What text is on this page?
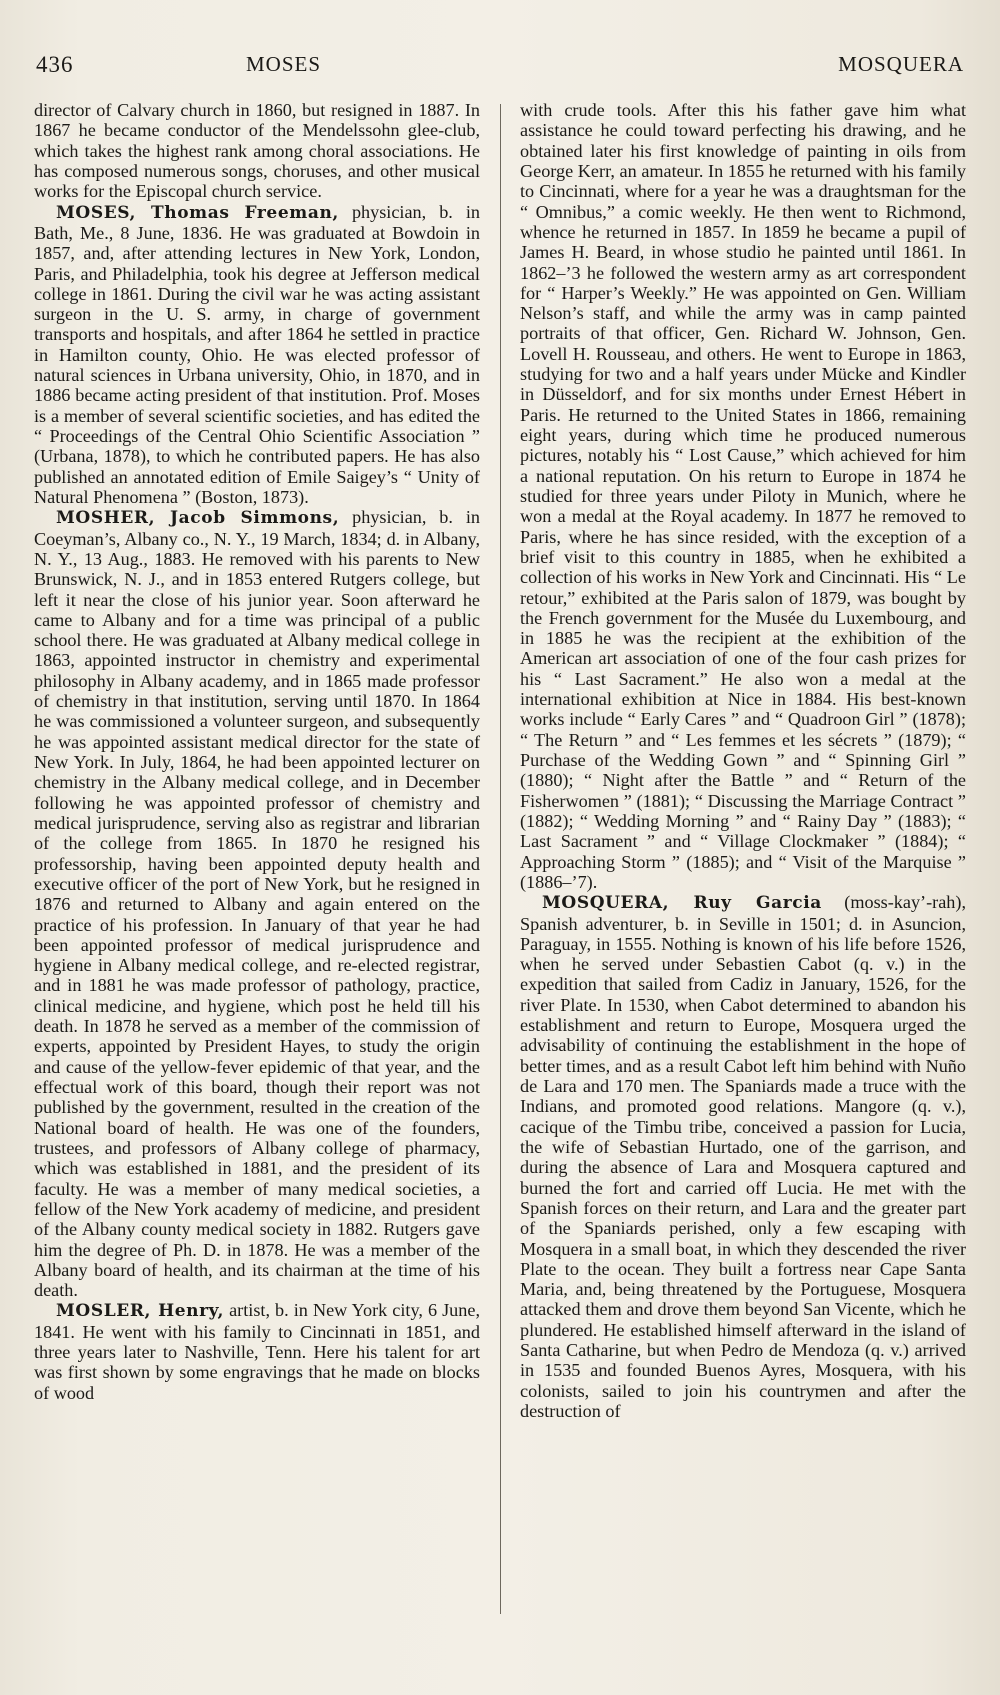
436	MOSES	MOSQUERA

director of Calvary church in 1860, but resigned in 1887. In 1867 he became conductor of the Mendelssohn glee-club, which takes the highest rank among choral associations. He has composed numerous songs, choruses, and other musical works for the Episcopal church service.

MOSES, Thomas Freeman, physician, b. in Bath, Me., 8 June, 1836. He was graduated at Bowdoin in 1857, and, after attending lectures in New York, London, Paris, and Philadelphia, took his degree at Jefferson medical college in 1861. During the civil war he was acting assistant surgeon in the U. S. army, in charge of government transports and hospitals, and after 1864 he settled in practice in Hamilton county, Ohio. He was elected professor of natural sciences in Urbana university, Ohio, in 1870, and in 1886 became acting president of that institution. Prof. Moses is a member of several scientific societies, and has edited the “ Proceedings of the Central Ohio Scientific Association ” (Urbana, 1878), to which he contributed papers. He has also published an annotated edition of Emile Saigey’s “ Unity of Natural Phenomena ” (Boston, 1873).

MOSHER, Jacob Simmons, physician, b. in Coeyman’s, Albany co., N. Y., 19 March, 1834; d. in Albany, N. Y., 13 Aug., 1883. He removed with his parents to New Brunswick, N. J., and in 1853 entered Rutgers college, but left it near the close of his junior year. Soon afterward he came to Albany and for a time was principal of a public school there. He was graduated at Albany medical college in 1863, appointed instructor in chemistry and experimental philosophy in Albany academy, and in 1865 made professor of chemistry in that institution, serving until 1870. In 1864 he was commissioned a volunteer surgeon, and subsequently he was appointed assistant medical director for the state of New York. In July, 1864, he had been appointed lecturer on chemistry in the Albany medical college, and in December following he was appointed professor of chemistry and medical jurisprudence, serving also as registrar and librarian of the college from 1865. In 1870 he resigned his professorship, having been appointed deputy health and executive officer of the port of New York, but he resigned in 1876 and returned to Albany and again entered on the practice of his profession. In January of that year he had been appointed professor of medical jurisprudence and hygiene in Albany medical college, and re-elected registrar, and in 1881 he was made professor of pathology, practice, clinical medicine, and hygiene, which post he held till his death. In 1878 he served as a member of the commission of experts, appointed by President Hayes, to study the origin and cause of the yellow-fever epidemic of that year, and the effectual work of this board, though their report was not published by the government, resulted in the creation of the National board of health. He was one of the founders, trustees, and professors of Albany college of pharmacy, which was established in 1881, and the president of its faculty. He was a member of many medical societies, a fellow of the New York academy of medicine, and president of the Albany county medical society in 1882. Rutgers gave him the degree of Ph. D. in 1878. He was a member of the Albany board of health, and its chairman at the time of his death.

MOSLER, Henry, artist, b. in New York city, 6 June, 1841. He went with his family to Cincinnati in 1851, and three years later to Nashville, Tenn. Here his talent for art was first shown by some engravings that he made on blocks of wood

with crude tools. After this his father gave him what assistance he could toward perfecting his drawing, and he obtained later his first knowledge of painting in oils from George Kerr, an amateur. In 1855 he returned with his family to Cincinnati, where for a year he was a draughtsman for the “ Omnibus,” a comic weekly. He then went to Richmond, whence he returned in 1857. In 1859 he became a pupil of James H. Beard, in whose studio he painted until 1861. In 1862–’3 he followed the western army as art correspondent for “ Harper’s Weekly.” He was appointed on Gen. William Nelson’s staff, and while the army was in camp painted portraits of that officer, Gen. Richard W. Johnson, Gen. Lovell H. Rousseau, and others. He went to Europe in 1863, studying for two and a half years under Mücke and Kindler in Düsseldorf, and for six months under Ernest Hébert in Paris. He returned to the United States in 1866, remaining eight years, during which time he produced numerous pictures, notably his “ Lost Cause,” which achieved for him a national reputation. On his return to Europe in 1874 he studied for three years under Piloty in Munich, where he won a medal at the Royal academy. In 1877 he removed to Paris, where he has since resided, with the exception of a brief visit to this country in 1885, when he exhibited a collection of his works in New York and Cincinnati. His “ Le retour,” exhibited at the Paris salon of 1879, was bought by the French government for the Musée du Luxembourg, and in 1885 he was the recipient at the exhibition of the American art association of one of the four cash prizes for his “ Last Sacrament.” He also won a medal at the international exhibition at Nice in 1884. His best-known works include “ Early Cares ” and “ Quadroon Girl ” (1878); “ The Return ” and “ Les femmes et les sécrets ” (1879); “ Purchase of the Wedding Gown ” and “ Spinning Girl ” (1880); “ Night after the Battle ” and “ Return of the Fisherwomen ” (1881); “ Discussing the Marriage Contract ” (1882); “ Wedding Morning ” and “ Rainy Day ” (1883); “ Last Sacrament ” and “ Village Clockmaker ” (1884); “ Approaching Storm ” (1885); and “ Visit of the Marquise ” (1886–’7).

MOSQUERA, Ruy Garcia (moss-kay’-rah), Spanish adventurer, b. in Seville in 1501; d. in Asuncion, Paraguay, in 1555. Nothing is known of his life before 1526, when he served under Sebastien Cabot (q. v.) in the expedition that sailed from Cadiz in January, 1526, for the river Plate. In 1530, when Cabot determined to abandon his establishment and return to Europe, Mosquera urged the advisability of continuing the establishment in the hope of better times, and as a result Cabot left him behind with Nuño de Lara and 170 men. The Spaniards made a truce with the Indians, and promoted good relations. Mangore (q. v.), cacique of the Timbu tribe, conceived a passion for Lucia, the wife of Sebastian Hurtado, one of the garrison, and during the absence of Lara and Mosquera captured and burned the fort and carried off Lucia. He met with the Spanish forces on their return, and Lara and the greater part of the Spaniards perished, only a few escaping with Mosquera in a small boat, in which they descended the river Plate to the ocean. They built a fortress near Cape Santa Maria, and, being threatened by the Portuguese, Mosquera attacked them and drove them beyond San Vicente, which he plundered. He established himself afterward in the island of Santa Catharine, but when Pedro de Mendoza (q. v.) arrived in 1535 and founded Buenos Ayres, Mosquera, with his colonists, sailed to join his countrymen and after the destruction of
